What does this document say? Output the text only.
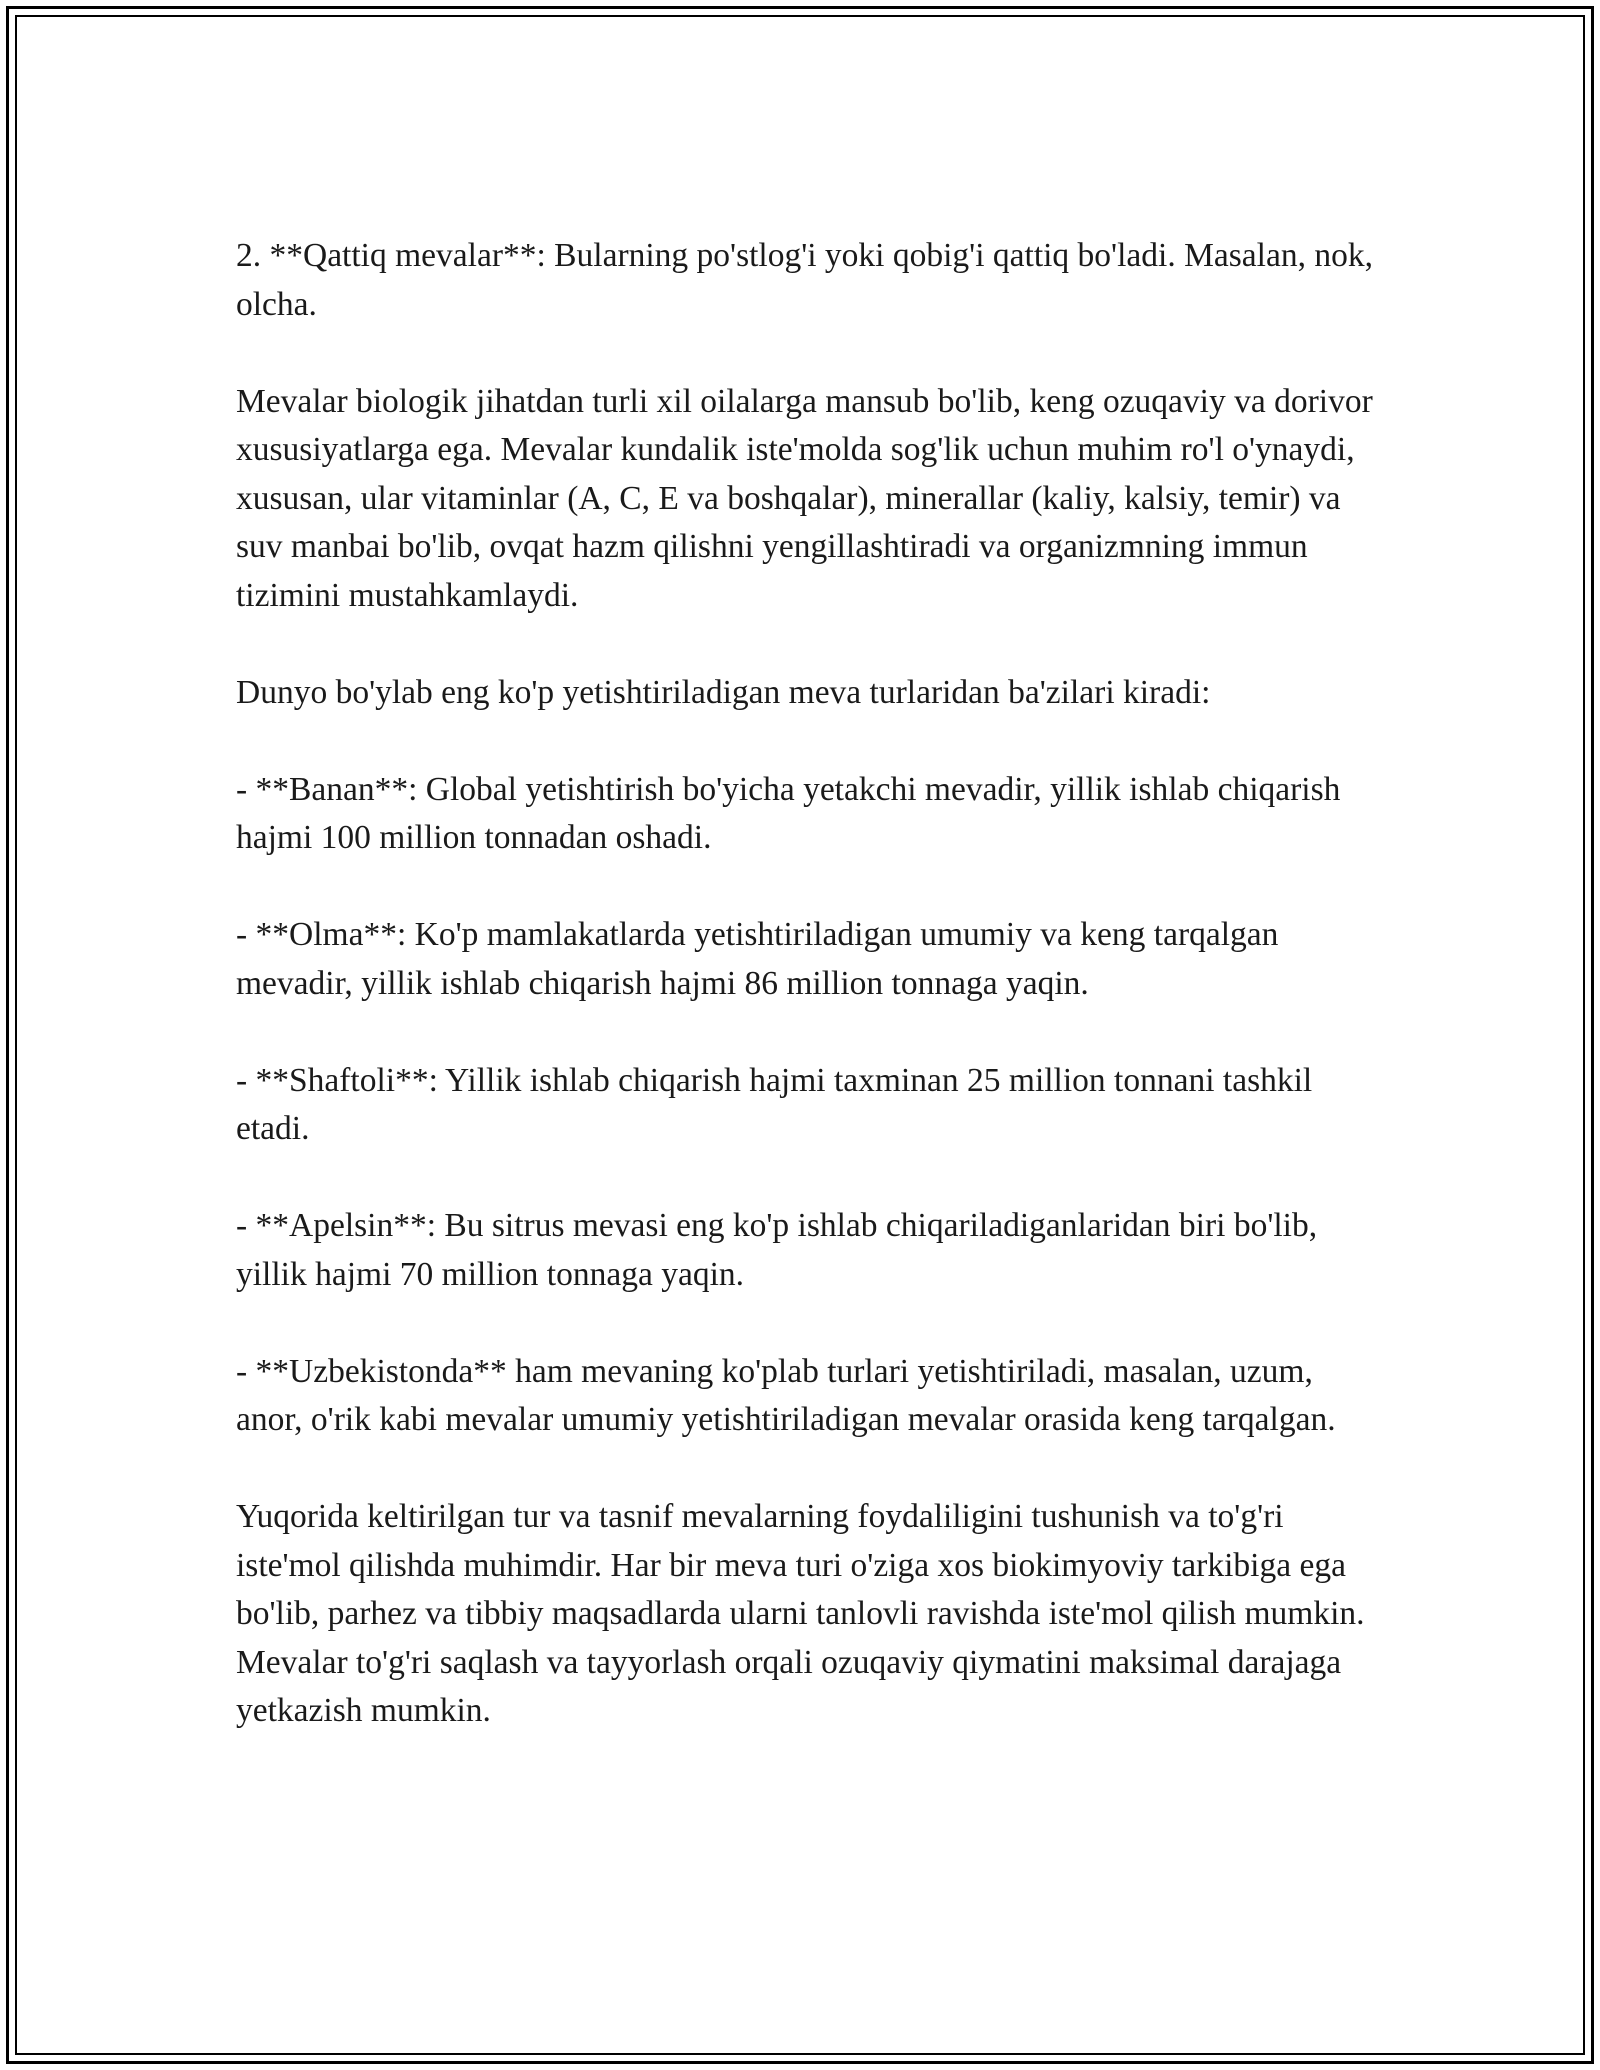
2. **Qattiq mevalar**: Bularning po'stlog'i yoki qobig'i qattiq bo'ladi. Masalan, nok, olcha.

Mevalar biologik jihatdan turli xil oilalarga mansub bo'lib, keng ozuqaviy va dorivor xususiyatlarga ega. Mevalar kundalik iste'molda sog'lik uchun muhim ro'l o'ynaydi, xususan, ular vitaminlar (A, C, E va boshqalar), minerallar (kaliy, kalsiy, temir) va suv manbai bo'lib, ovqat hazm qilishni yengillashtiradi va organizmning immun tizimini mustahkamlaydi.

Dunyo bo'ylab eng ko'p yetishtiriladigan meva turlaridan ba'zilari kiradi:

- **Banan**: Global yetishtirish bo'yicha yetakchi mevadir, yillik ishlab chiqarish hajmi 100 million tonnadan oshadi.

- **Olma**: Ko'p mamlakatlarda yetishtiriladigan umumiy va keng tarqalgan mevadir, yillik ishlab chiqarish hajmi 86 million tonnaga yaqin.

- **Shaftoli**: Yillik ishlab chiqarish hajmi taxminan 25 million tonnani tashkil etadi.

- **Apelsin**: Bu sitrus mevasi eng ko'p ishlab chiqariladiganlaridan biri bo'lib, yillik hajmi 70 million tonnaga yaqin.

- **Uzbekistonda** ham mevaning ko'plab turlari yetishtiriladi, masalan, uzum, anor, o'rik kabi mevalar umumiy yetishtiriladigan mevalar orasida keng tarqalgan.

Yuqorida keltirilgan tur va tasnif mevalarning foydaliligini tushunish va to'g'ri iste'mol qilishda muhimdir. Har bir meva turi o'ziga xos biokimyoviy tarkibiga ega bo'lib, parhez va tibbiy maqsadlarda ularni tanlovli ravishda iste'mol qilish mumkin. Mevalar to'g'ri saqlash va tayyorlash orqali ozuqaviy qiymatini maksimal darajaga yetkazish mumkin.
